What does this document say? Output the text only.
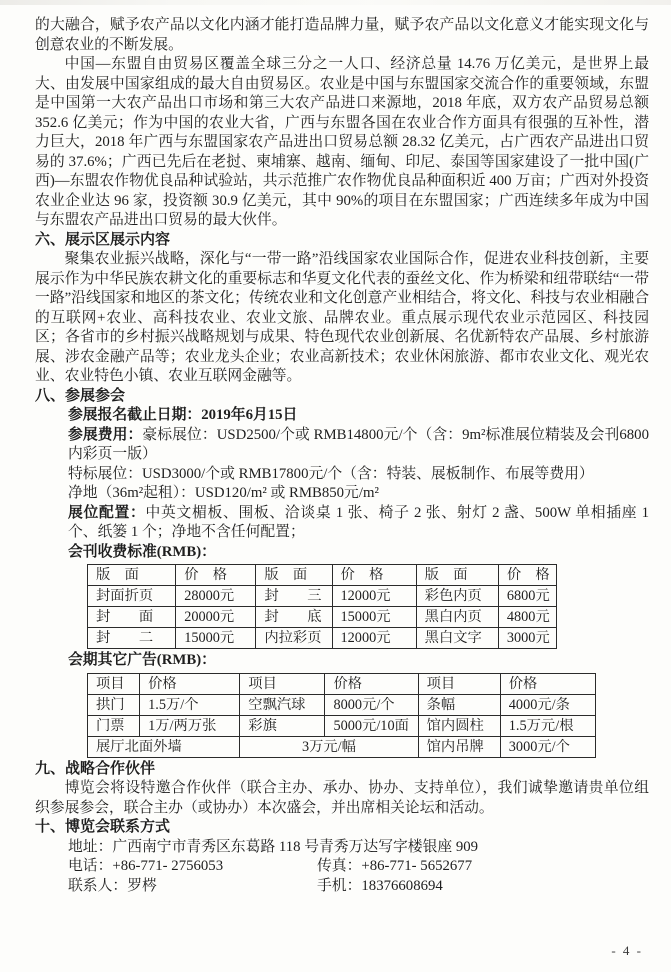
的大融合，赋予农产品以文化内涵才能打造品牌力量，赋予农产品以文化意义才能实现文化与创意农业的不断发展。

中国—东盟自由贸易区覆盖全球三分之一人口、经济总量 14.76 万亿美元，是世界上最大、由发展中国家组成的最大自由贸易区。农业是中国与东盟国家交流合作的重要领域，东盟是中国第一大农产品出口市场和第三大农产品进口来源地，2018 年底，双方农产品贸易总额 352.6 亿美元；作为中国的农业大省，广西与东盟各国在农业合作方面具有很强的互补性，潜力巨大，2018 年广西与东盟国家农产品进出口贸易总额 28.32 亿美元，占广西农产品进出口贸易的 37.6%；广西已先后在老挝、柬埔寨、越南、缅甸、印尼、泰国等国家建设了一批中国(广西)—东盟农作物优良品种试验站，共示范推广农作物优良品种面积近 400 万亩；广西对外投资农业企业达 96 家，投资额 30.9 亿美元，其中 90%的项目在东盟国家；广西连续多年成为中国与东盟农产品进出口贸易的最大伙伴。

六、展示区展示内容

聚集农业振兴战略，深化与“一带一路”沿线国家农业国际合作，促进农业科技创新，主要展示作为中华民族农耕文化的重要标志和华夏文化代表的蚕丝文化、作为桥梁和纽带联结“一带一路”沿线国家和地区的茶文化；传统农业和文化创意产业相结合，将文化、科技与农业相融合的互联网+农业、高科技农业、农业文旅、品牌农业。重点展示现代农业示范园区、科技园区；各省市的乡村振兴战略规划与成果、特色现代农业创新展、名优新特农产品展、乡村旅游展、涉农金融产品等；农业龙头企业；农业高新技术；农业休闲旅游、都市农业文化、观光农业、农业特色小镇、农业互联网金融等。

八、参展参会

参展报名截止日期：2019年6月15日

参展费用：豪标展位：USD2500/个或 RMB14800元/个（含：9m²标准展位精装及会刊6800内彩页一版）

特标展位：USD3000/个或 RMB17800元/个（含：特装、展板制作、布展等费用）

净地（36m²起租）：USD120/m² 或 RMB850元/m²

展位配置：中英文楣板、围板、洽谈桌 1 张、椅子 2 张、射灯 2 盏、500W 单相插座 1 个、纸篓 1 个；净地不含任何配置；

会刊收费标准(RMB)：

版　面	价　格	版　面	价　格	版　面	价　格
封面折页	28000元	封　　三	12000元	彩色内页	6800元
封　　面	20000元	封　　底	15000元	黑白内页	4800元
封　　二	15000元	内拉彩页	12000元	黑白文字	3000元

会期其它广告(RMB)：

项目	价格	项目	价格	项目	价格
拱门	1.5万/个	空飘汽球	8000元/个	条幅	4000元/条
门票	1万/两万张	彩旗	5000元/10面	馆内圆柱	1.5万元/根
展厅北面外墙		3万元/幅		馆内吊牌	3000元/个
九、战略合作伙伴

博览会将设特邀合作伙伴（联合主办、承办、协办、支持单位），我们诚挚邀请贵单位组织参展参会，联合主办（或协办）本次盛会，并出席相关论坛和活动。

十、博览会联系方式

地址：广西南宁市青秀区东葛路 118 号青秀万达写字楼银座 909

电话：+86-771- 2756053	传真：+86-771- 5652677

联系人：罗梣	手机：18376608694

- 4 -
